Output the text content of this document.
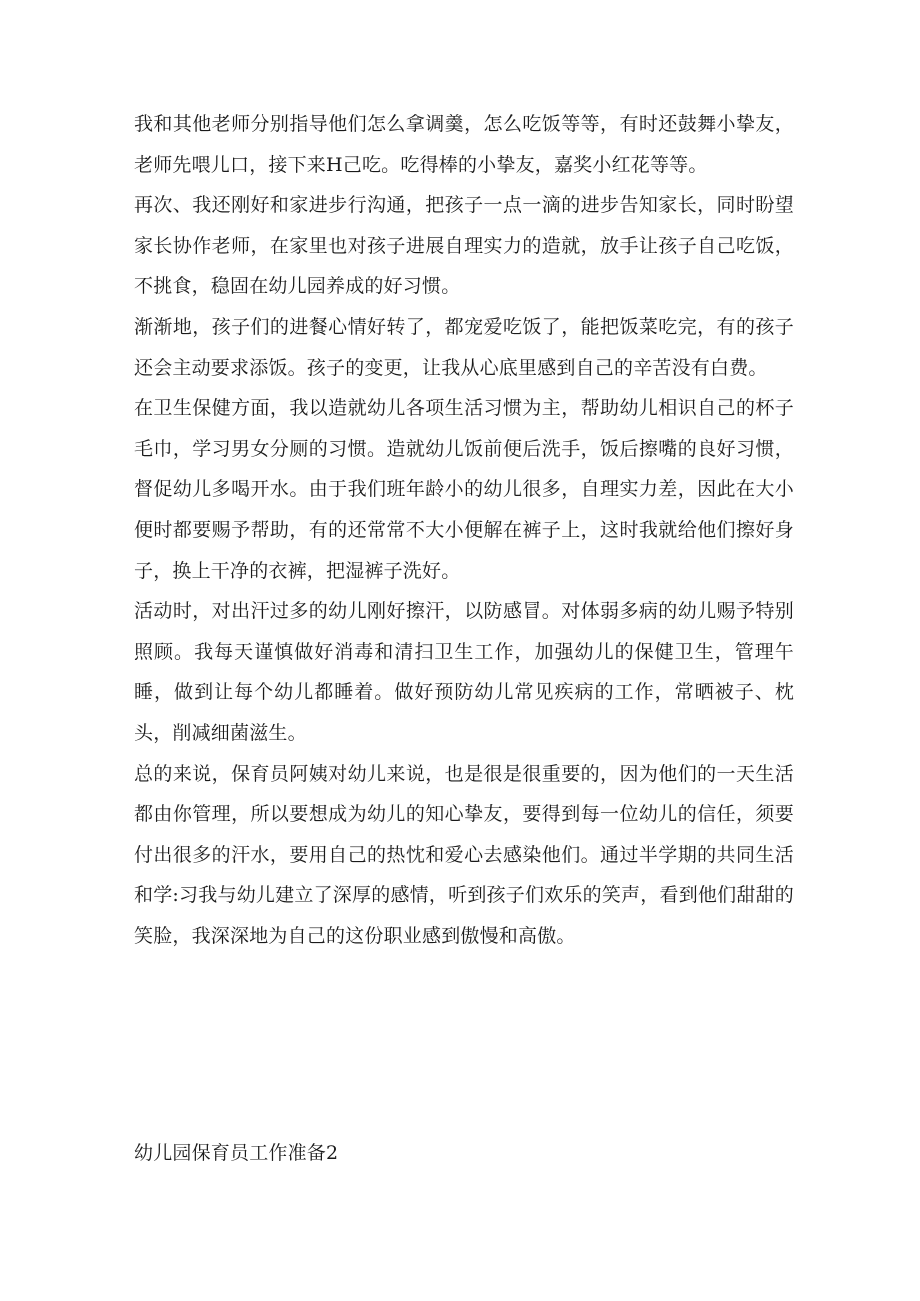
我和其他老师分别指导他们怎么拿调羹，怎么吃饭等等，有时还鼓舞小挚友，老师先喂儿口，接下来H己吃。吃得棒的小挚友，嘉奖小红花等等。

再次、我还刚好和家进步行沟通，把孩子一点一滴的进步告知家长，同时盼望家长协作老师，在家里也对孩子进展自理实力的造就，放手让孩子自己吃饭，不挑食，稳固在幼儿园养成的好习惯。

渐渐地，孩子们的进餐心情好转了，都宠爱吃饭了，能把饭菜吃完，有的孩子还会主动要求添饭。孩子的变更，让我从心底里感到自己的辛苦没有白费。

在卫生保健方面，我以造就幼儿各项生活习惯为主，帮助幼儿相识自己的杯子毛巾，学习男女分厕的习惯。造就幼儿饭前便后洗手，饭后擦嘴的良好习惯，督促幼儿多喝开水。由于我们班年龄小的幼儿很多，自理实力差，因此在大小便时都要赐予帮助，有的还常常不大小便解在裤子上，这时我就给他们擦好身子，换上干净的衣裤，把湿裤子洗好。

活动时，对出汗过多的幼儿刚好擦汗，以防感冒。对体弱多病的幼儿赐予特别照顾。我每天谨慎做好消毒和清扫卫生工作，加强幼儿的保健卫生，管理午睡，做到让每个幼儿都睡着。做好预防幼儿常见疾病的工作，常晒被子、枕头，削减细菌滋生。

总的来说，保育员阿姨对幼儿来说，也是很是很重要的，因为他们的一天生活都由你管理，所以要想成为幼儿的知心挚友，要得到每一位幼儿的信任，须要付出很多的汗水，要用自己的热忱和爱心去感染他们。通过半学期的共同生活和学:习我与幼儿建立了深厚的感情，听到孩子们欢乐的笑声，看到他们甜甜的笑脸，我深深地为自己的这份职业感到傲慢和高傲。

幼儿园保育员工作准备2
